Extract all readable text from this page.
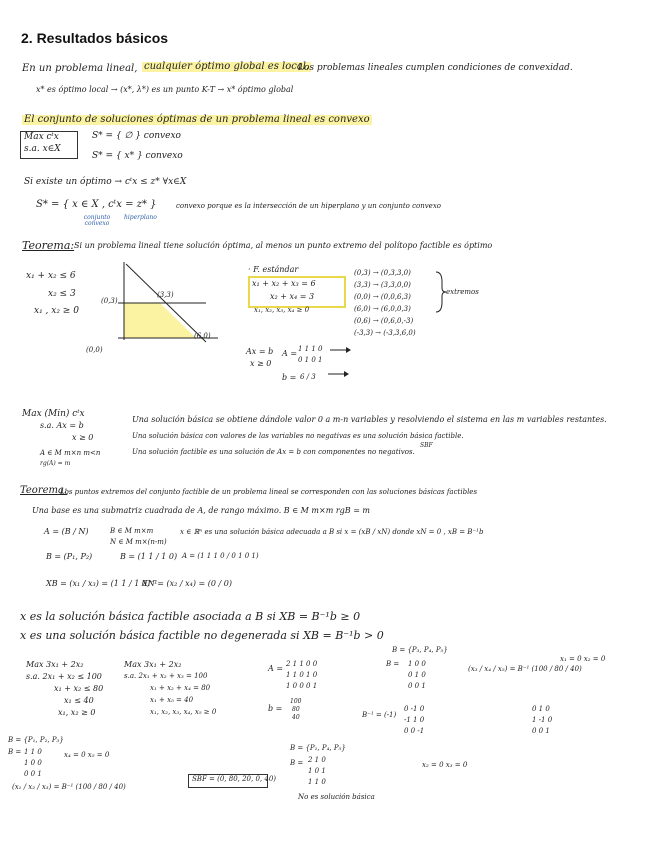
2. Resultados básicos
En un problema lineal, cualquier óptimo global es local.
Los problemas lineales cumplen condiciones de convexidad.
x* es óptimo local → (x*, λ*) es un punto K-T → x* óptimo global
El conjunto de soluciones óptimas de un problema lineal es convexo
Max cᵗx
s.a. x∈X
S* = { ∅ } convexo
S* = { x* } convexo
Si existe un óptimo → cᵗx ≤ z* ∀x∈X
S* = { x ∈ X , cᵗx = z* }	convexo porque es la intersección de un hiperplano y un conjunto convexo
conjunto convexo
hiperplano
Teorema: Si un problema lineal tiene solución óptima, al menos un punto extremo del polítopo factible es óptimo
x₁ + x₂ ≤ 6
x₂ ≤ 3
x₁ , x₂ ≥ 0
(0,3)
(3,3)
(6,0)
(0,0)
· F. estándar
x₁ + x₂ + x₃ = 6
x₂ + x₄ = 3
x₁, x₂, x₃, x₄ ≥ 0
(0,3) → (0,3,3,0)
(3,3) → (3,3,0,0)
(0,0) → (0,0,6,3)
(6,0) → (6,0,0,3)
(0,6) → (0,6,0,-3)
(-3,3) → (-3,3,6,0)
extremos
Ax = b
x ≥ 0
A = 1 1 1 0
0 1 0 1
b = 6 / 3
Max (Min) cᵗx
s.a. Ax = b
x ≥ 0
A ∈ M m×n m<n
rg(A) = m
Una solución básica se obtiene dándole valor 0 a m-n variables y resolviendo el sistema en las m variables restantes.
Una solución básica con valores de las variables no negativas es una solución básica factible.
SBF
Una solución factible es una solución de Ax = b con componentes no negativos.
Teorema:
Los puntos extremos del conjunto factible de un problema lineal se corresponden con las soluciones básicas factibles
Una base es una submatriz cuadrada de A, de rango máximo. B ∈ M m×m rgB = m
A = (B / N)	B ∈ M m×m
N ∈ M m×(n-m)
x ∈ ℝⁿ es una solución básica adecuada a B si x = (xB / xN) donde xN = 0 , xB = B⁻¹b
B = (P₁, P₂)	B = (1 1 / 1 0) A = (1 1 1 0 / 0 1 0 1)
XB = (x₁ / x₃) = (1 1 / 1 0)⁻¹
XN = (x₂ / x₄) = (0 / 0)
x es la solución básica factible asociada a B si XB = B⁻¹b ≥ 0
x es una solución básica factible no degenerada si XB = B⁻¹b > 0
Max 3x₁ + 2x₂
s.a. 2x₁ + x₂ ≤ 100
x₁ + x₂ ≤ 80
x₁ ≤ 40
x₁, x₂ ≥ 0
Max 3x₁ + 2x₂
s.a. 2x₁ + x₂ + x₃ = 100
x₁ + x₂ + x₄ = 80
x₁ + x₅ = 40
x₁, x₂, x₃, x₄, x₅ ≥ 0
A = 2 1 1 0 0
1 1 0 1 0
1 0 0 0 1
b =
100
80
40
B = {P₃, P₄, P₅}
B = 1 0 0
0 1 0
0 0 1
(x₃ / x₄ / x₅) = B⁻¹ (100 / 80 / 40)
x₁ = 0 x₂ = 0
B⁻¹ = (-1)
0 -1 0
-1 1 0
0 0 -1
0 1 0
1 -1 0
0 0 1
B = {P₁, P₂, P₃}
B = 1 1 0
1 0 0
0 0 1
x₄ = 0 x₅ = 0
(x₁ / x₂ / x₃) = B⁻¹ (100 / 80 / 40)
SBF = (0, 80, 20, 0, 40)
B = {P₁, P₄, P₅}
B = 2 1 0
1 0 1
1 1 0
x₂ = 0 x₃ = 0
No es solución básica
